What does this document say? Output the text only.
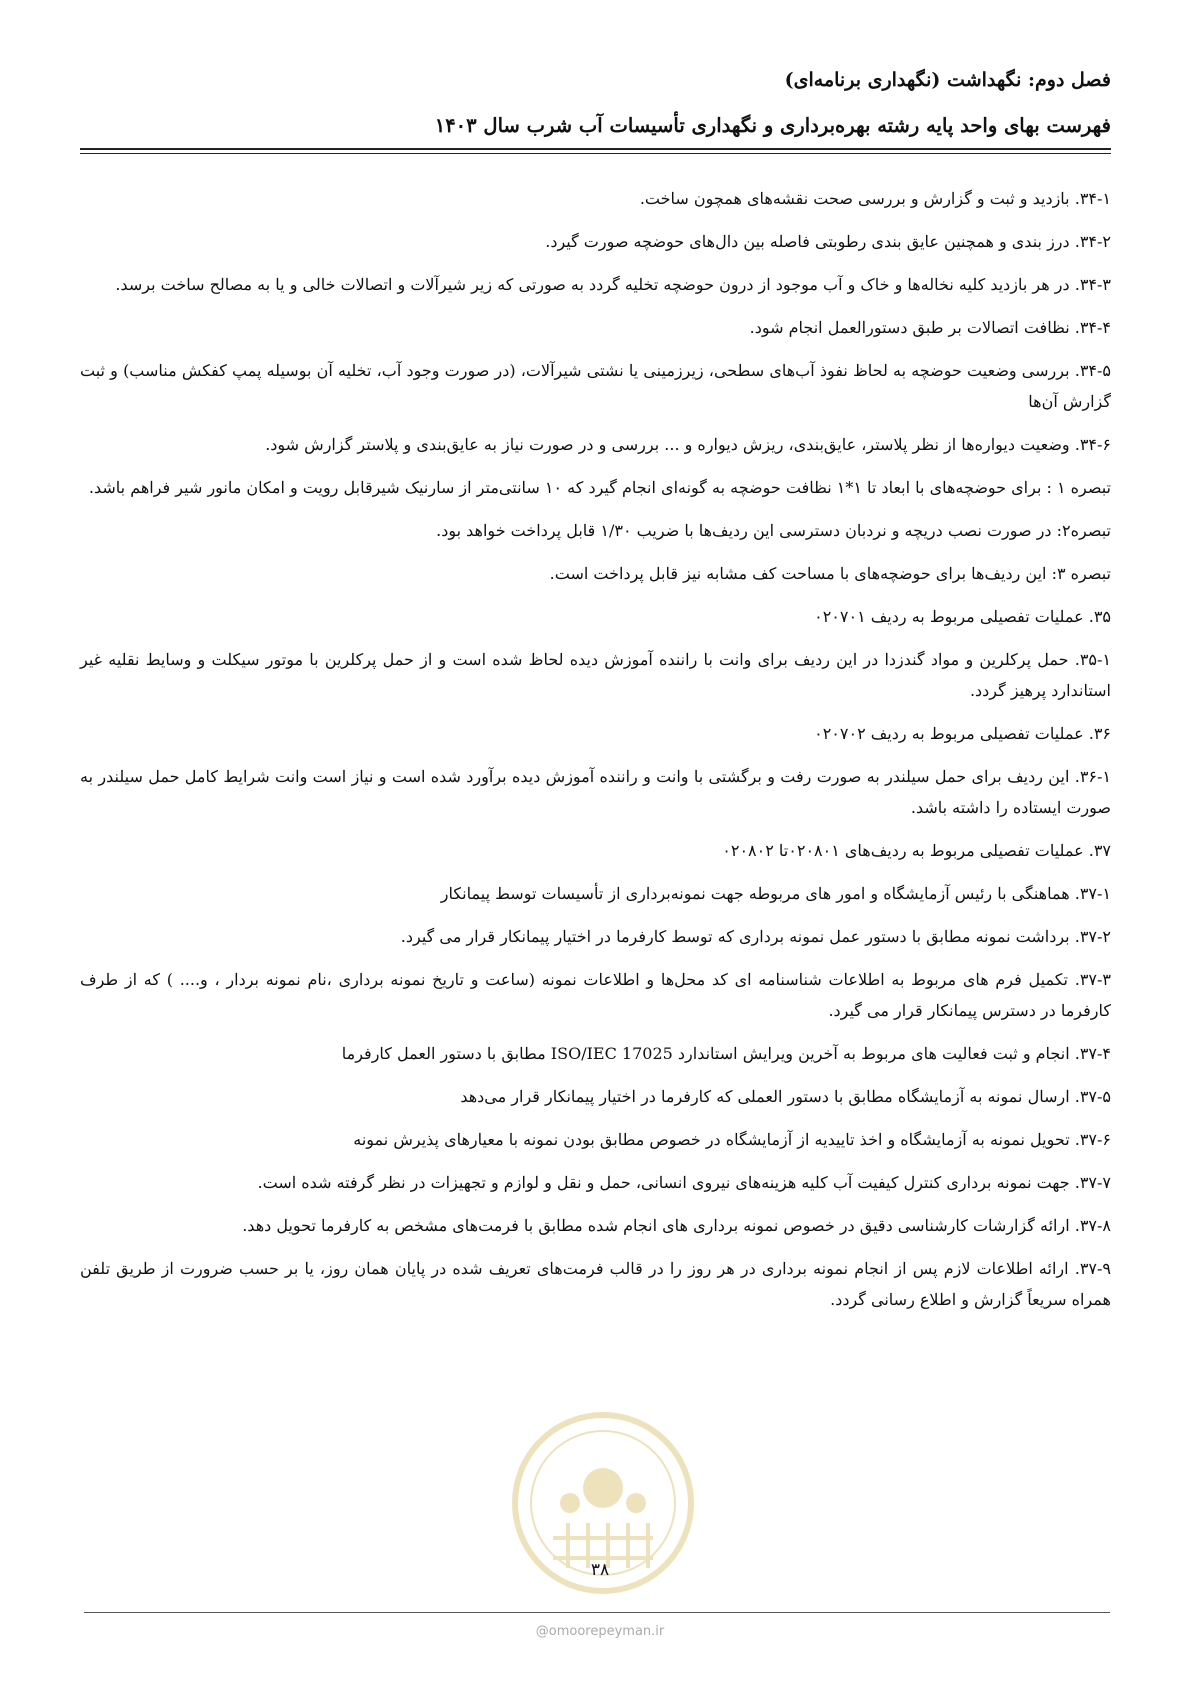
فصل دوم: نگهداشت (نگهداری برنامه‌ای)
فهرست بهای واحد پایه رشته بهره‌برداری و نگهداری تأسیسات آب شرب سال ۱۴۰۳

۳۴-۱. بازدید و ثبت و گزارش و بررسی صحت نقشه‌های همچون ساخت.

۳۴-۲. درز بندی و همچنین عایق بندی رطوبتی فاصله بین دال‌های حوضچه صورت گیرد.

۳۴-۳. در هر بازدید کلیه نخاله‌ها و خاک و آب موجود از درون حوضچه تخلیه گردد به صورتی که زیر شیرآلات و اتصالات خالی و یا به مصالح ساخت برسد.

۳۴-۴. نظافت اتصالات بر طبق دستورالعمل انجام شود.

۳۴-۵. بررسی وضعیت حوضچه به لحاظ نفوذ آب‌های سطحی، زیرزمینی یا نشتی شیرآلات، (در صورت وجود آب، تخلیه آن بوسیله پمپ کفکش مناسب) و ثبت گزارش آن‌ها

۳۴-۶. وضعیت دیواره‌ها از نظر پلاستر، عایق‌بندی، ریزش دیواره و ... بررسی و در صورت نیاز به عایق‌بندی و پلاستر گزارش شود.

تبصره ۱ : برای حوضچه‌های با ابعاد تا ۱*۱ نظافت حوضچه به گونه‌ای انجام گیرد که ۱۰ سانتی‌متر از سارنیک شیرقابل رویت و امکان مانور شیر فراهم باشد.

تبصره۲: در صورت نصب دریچه و نردبان دسترسی این ردیف‌ها با ضریب ۱/۳۰ قابل پرداخت خواهد بود.

تبصره ۳: این ردیف‌ها برای حوضچه‌های با مساحت کف مشابه نیز قابل پرداخت است.

۳۵. عملیات تفصیلی مربوط به ردیف ۰۲۰۷۰۱

۳۵-۱. حمل پرکلرین و مواد گندزدا در این ردیف برای وانت با راننده آموزش دیده لحاظ شده است و از حمل پرکلرین با موتور سیکلت و وسایط نقلیه غیر استاندارد پرهیز گردد.

۳۶. عملیات تفصیلی مربوط به ردیف ۰۲۰۷۰۲

۳۶-۱. این ردیف برای حمل سیلندر به صورت رفت و برگشتی با وانت و راننده آموزش دیده برآورد شده است و نیاز است وانت شرایط کامل حمل سیلندر به صورت ایستاده را داشته باشد.

۳۷. عملیات تفصیلی مربوط به ردیف‌های ۰۲۰۸۰۱تا ۰۲۰۸۰۲

۳۷-۱. هماهنگی با رئیس آزمایشگاه و امور های مربوطه جهت نمونه‌برداری از تأسیسات توسط پیمانکار

۳۷-۲. برداشت نمونه مطابق با دستور عمل نمونه برداری که توسط کارفرما در اختیار پیمانکار قرار می گیرد.

۳۷-۳. تکمیل فرم های مربوط به اطلاعات شناسنامه ای کد محل‌ها و اطلاعات نمونه (ساعت و تاریخ نمونه برداری ،نام نمونه بردار ، و.... ) که از طرف کارفرما در دسترس پیمانکار قرار می گیرد.

۳۷-۴. انجام و ثبت فعالیت های مربوط به آخرین ویرایش استاندارد ISO/IEC 17025 مطابق با دستور العمل کارفرما

۳۷-۵. ارسال نمونه به آزمایشگاه مطابق با دستور العملی که کارفرما در اختیار پیمانکار قرار می‌دهد

۳۷-۶. تحویل نمونه به آزمایشگاه و اخذ تاییدیه از آزمایشگاه در خصوص مطابق بودن نمونه با معیارهای پذیرش نمونه

۳۷-۷. جهت نمونه برداری کنترل کیفیت آب کلیه هزینه‌های نیروی انسانی، حمل و نقل و لوازم و تجهیزات در نظر گرفته شده است.

۳۷-۸. ارائه گزارشات کارشناسی دقیق در خصوص نمونه برداری های انجام شده مطابق با فرمت‌های مشخص به کارفرما تحویل دهد.

۳۷-۹. ارائه اطلاعات لازم پس از انجام نمونه برداری در هر روز را در قالب فرمت‌های تعریف شده در پایان همان روز، یا بر حسب ضرورت از طریق تلفن همراه سریعاً گزارش و اطلاع رسانی گردد.

۳۸
@omoorepeyman.ir
